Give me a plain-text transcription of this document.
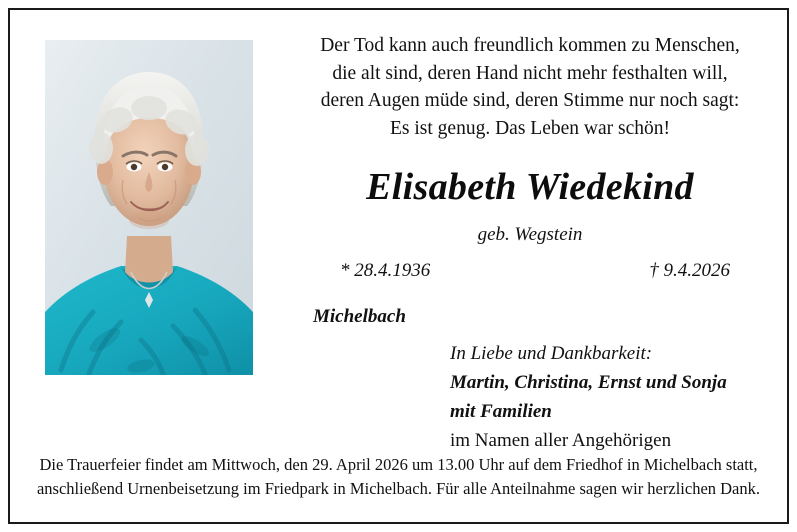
Der Tod kann auch freundlich kommen zu Menschen,
die alt sind, deren Hand nicht mehr festhalten will,
deren Augen müde sind, deren Stimme nur noch sagt:
Es ist genug. Das Leben war schön!
Elisabeth Wiedekind
geb. Wegstein
* 28.4.1936	† 9.4.2026
Michelbach
In Liebe und Dankbarkeit:
Martin, Christina, Ernst und Sonja
mit Familien
im Namen aller Angehörigen
Die Trauerfeier findet am Mittwoch, den 29. April 2026 um 13.00 Uhr auf dem Friedhof in Michelbach statt,
anschließend Urnenbeisetzung im Friedpark in Michelbach. Für alle Anteilnahme sagen wir herzlichen Dank.
